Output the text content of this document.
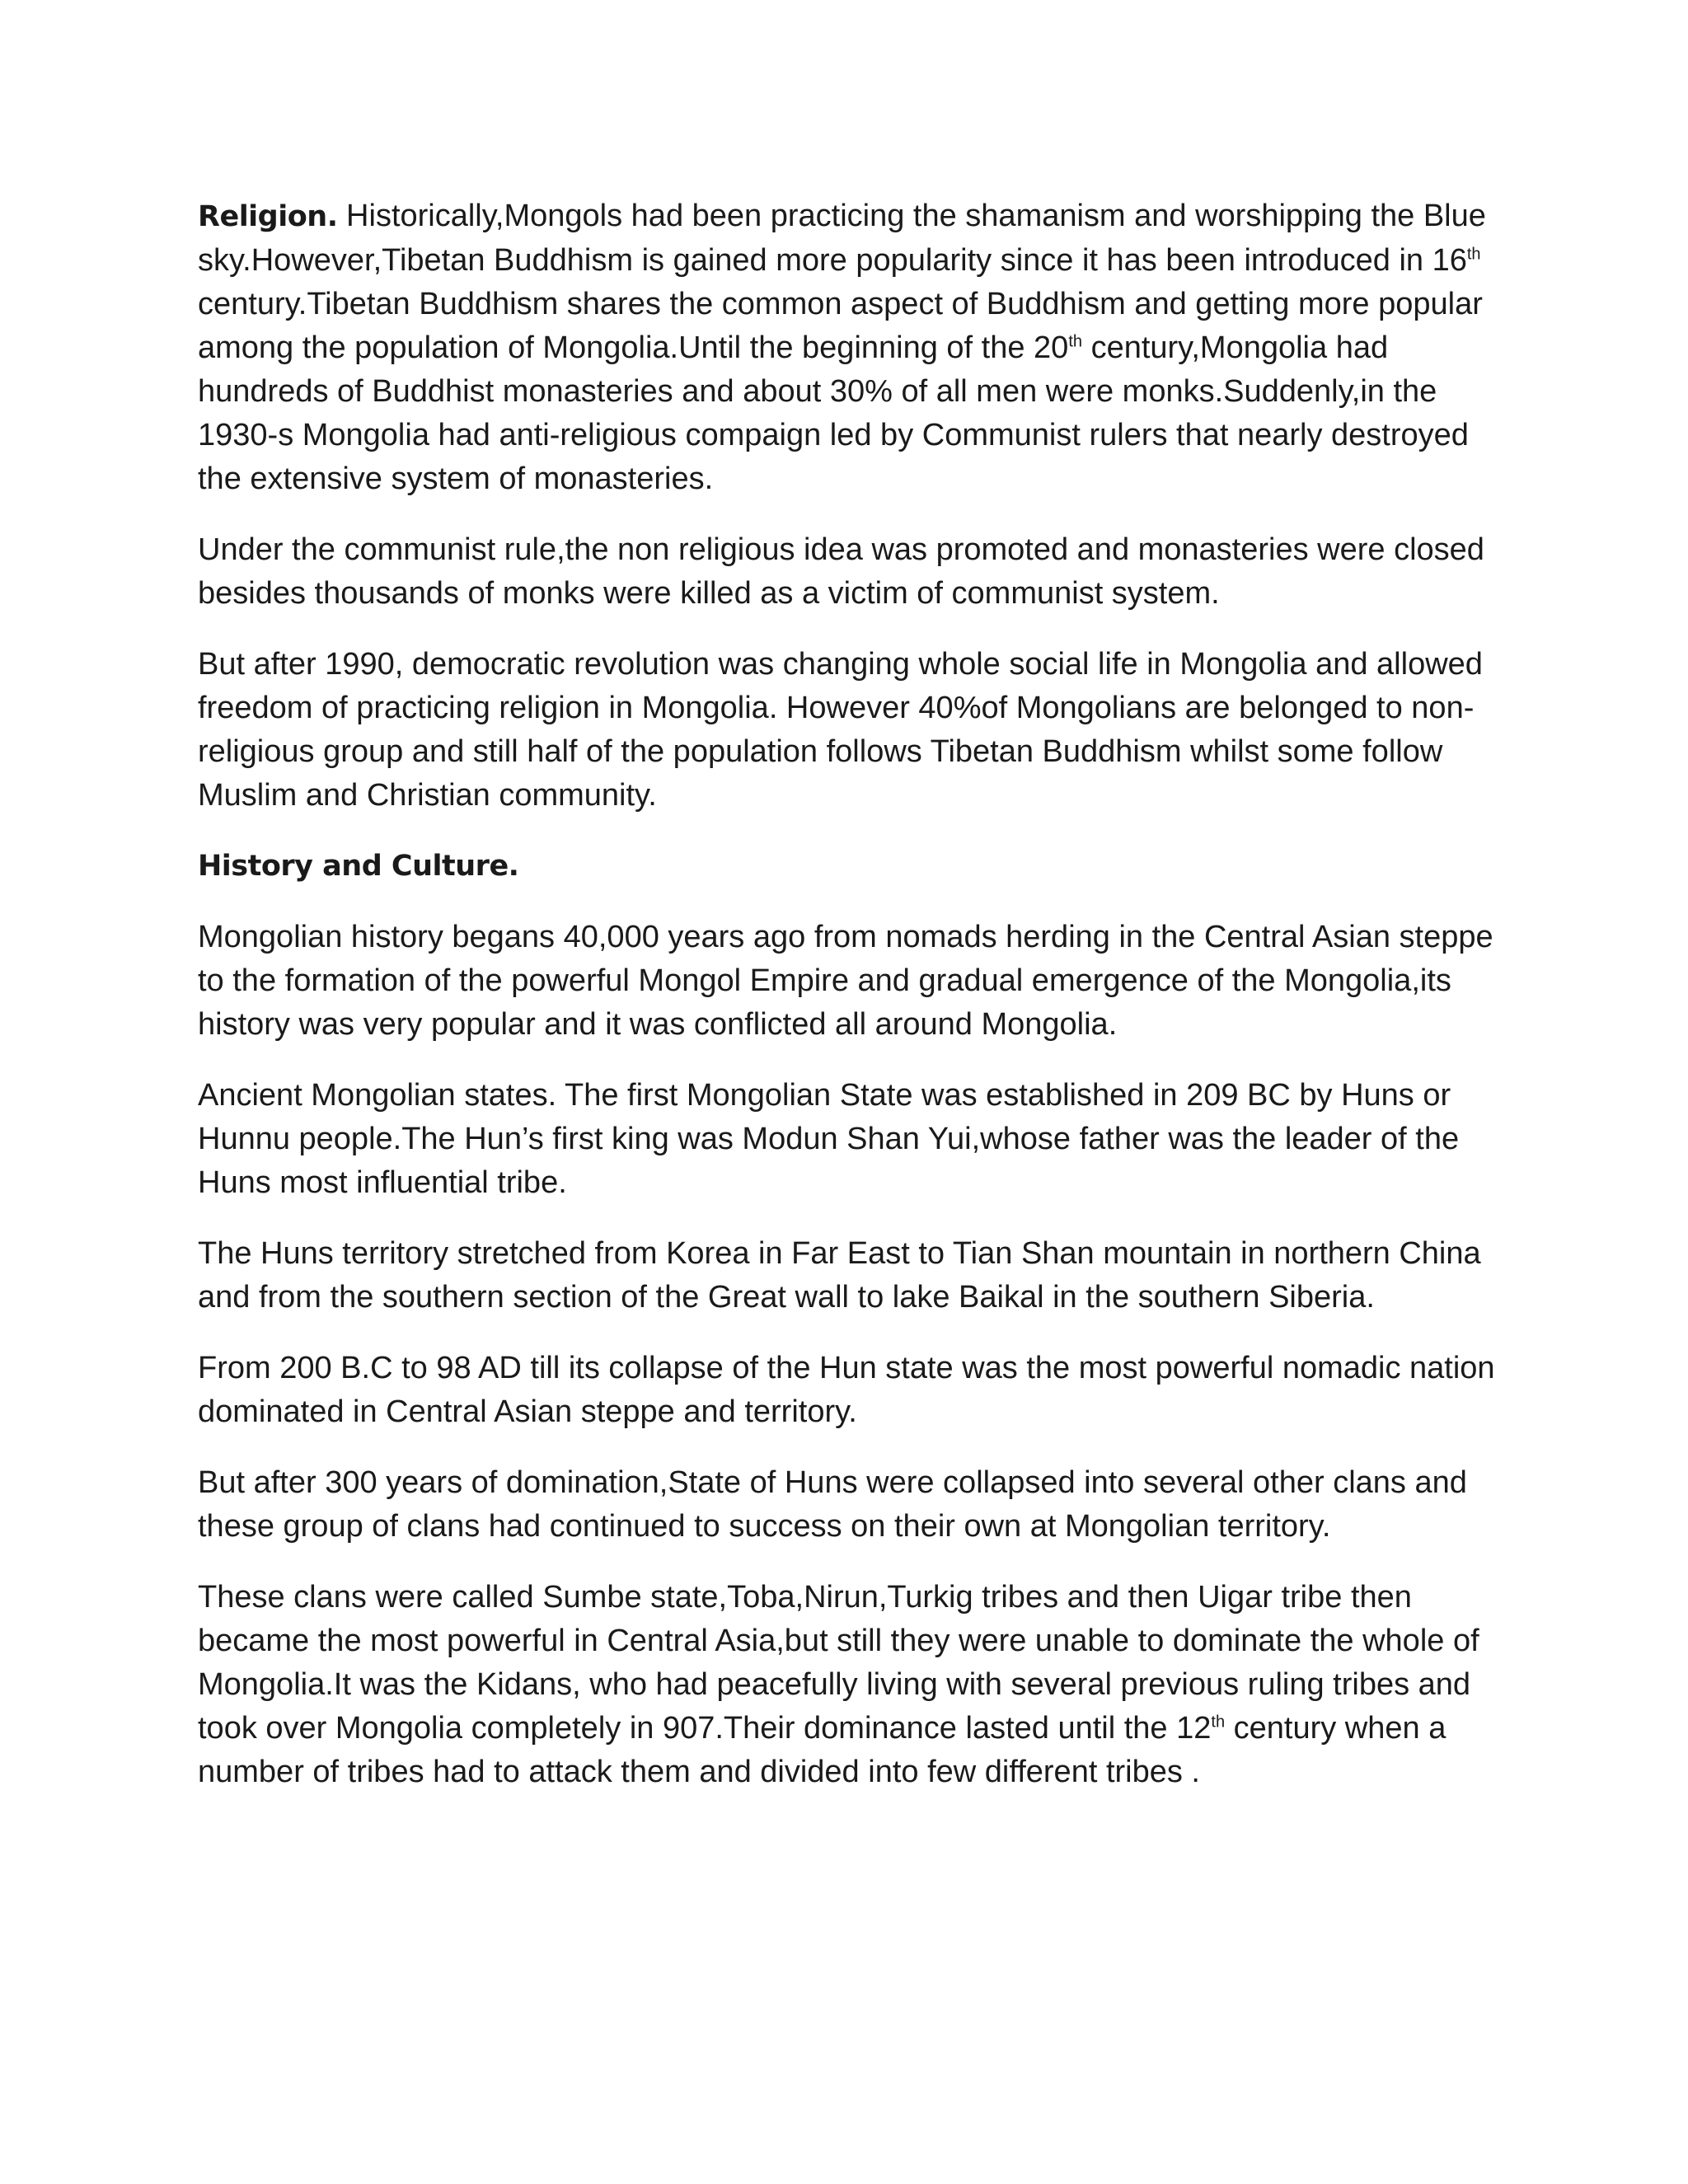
Religion. Historically,Mongols had been practicing the shamanism and worshipping the Blue sky.However,Tibetan Buddhism is gained more popularity since it has been introduced in 16th century.Tibetan Buddhism shares the common aspect of Buddhism and getting more popular among the population of Mongolia.Until the beginning of the 20th century,Mongolia had hundreds of Buddhist monasteries and about 30% of all men were monks.Suddenly,in the 1930-s Mongolia had anti-religious compaign led by Communist rulers that nearly destroyed the extensive system of monasteries.

Under the communist rule,the non religious idea was promoted and monasteries were closed besides thousands of monks were killed as a victim of communist system.

But after 1990, democratic revolution was changing whole social life in Mongolia and allowed freedom of practicing religion in Mongolia. However 40%of Mongolians are belonged to non-religious group and still half of the population follows Tibetan Buddhism whilst some follow Muslim and Christian community.

History and Culture.

Mongolian history begans 40,000 years ago from nomads herding in the Central Asian steppe to the formation of the powerful Mongol Empire and gradual emergence of the Mongolia,its history was very popular and it was conflicted all around Mongolia.

Ancient Mongolian states. The first Mongolian State was established in 209 BC by Huns or Hunnu people.The Hun’s first king was Modun Shan Yui,whose father was the leader of the Huns most influential tribe.

The Huns territory stretched from Korea in Far East to Tian Shan mountain in northern China and from the southern section of the Great wall to lake Baikal in the southern Siberia.

From 200 B.C to 98 AD till its collapse of the Hun state was the most powerful nomadic nation dominated in Central Asian steppe and territory.

But after 300 years of domination,State of Huns were collapsed into several other clans and these group of clans had continued to success on their own at Mongolian territory.

These clans were called Sumbe state,Toba,Nirun,Turkig tribes and then Uigar tribe then became the most powerful in Central Asia,but still they were unable to dominate the whole of Mongolia.It was the Kidans, who had peacefully living with several previous ruling tribes and took over Mongolia completely in 907.Their dominance lasted until the 12th century when a number of tribes had to attack them and divided into few different tribes .
